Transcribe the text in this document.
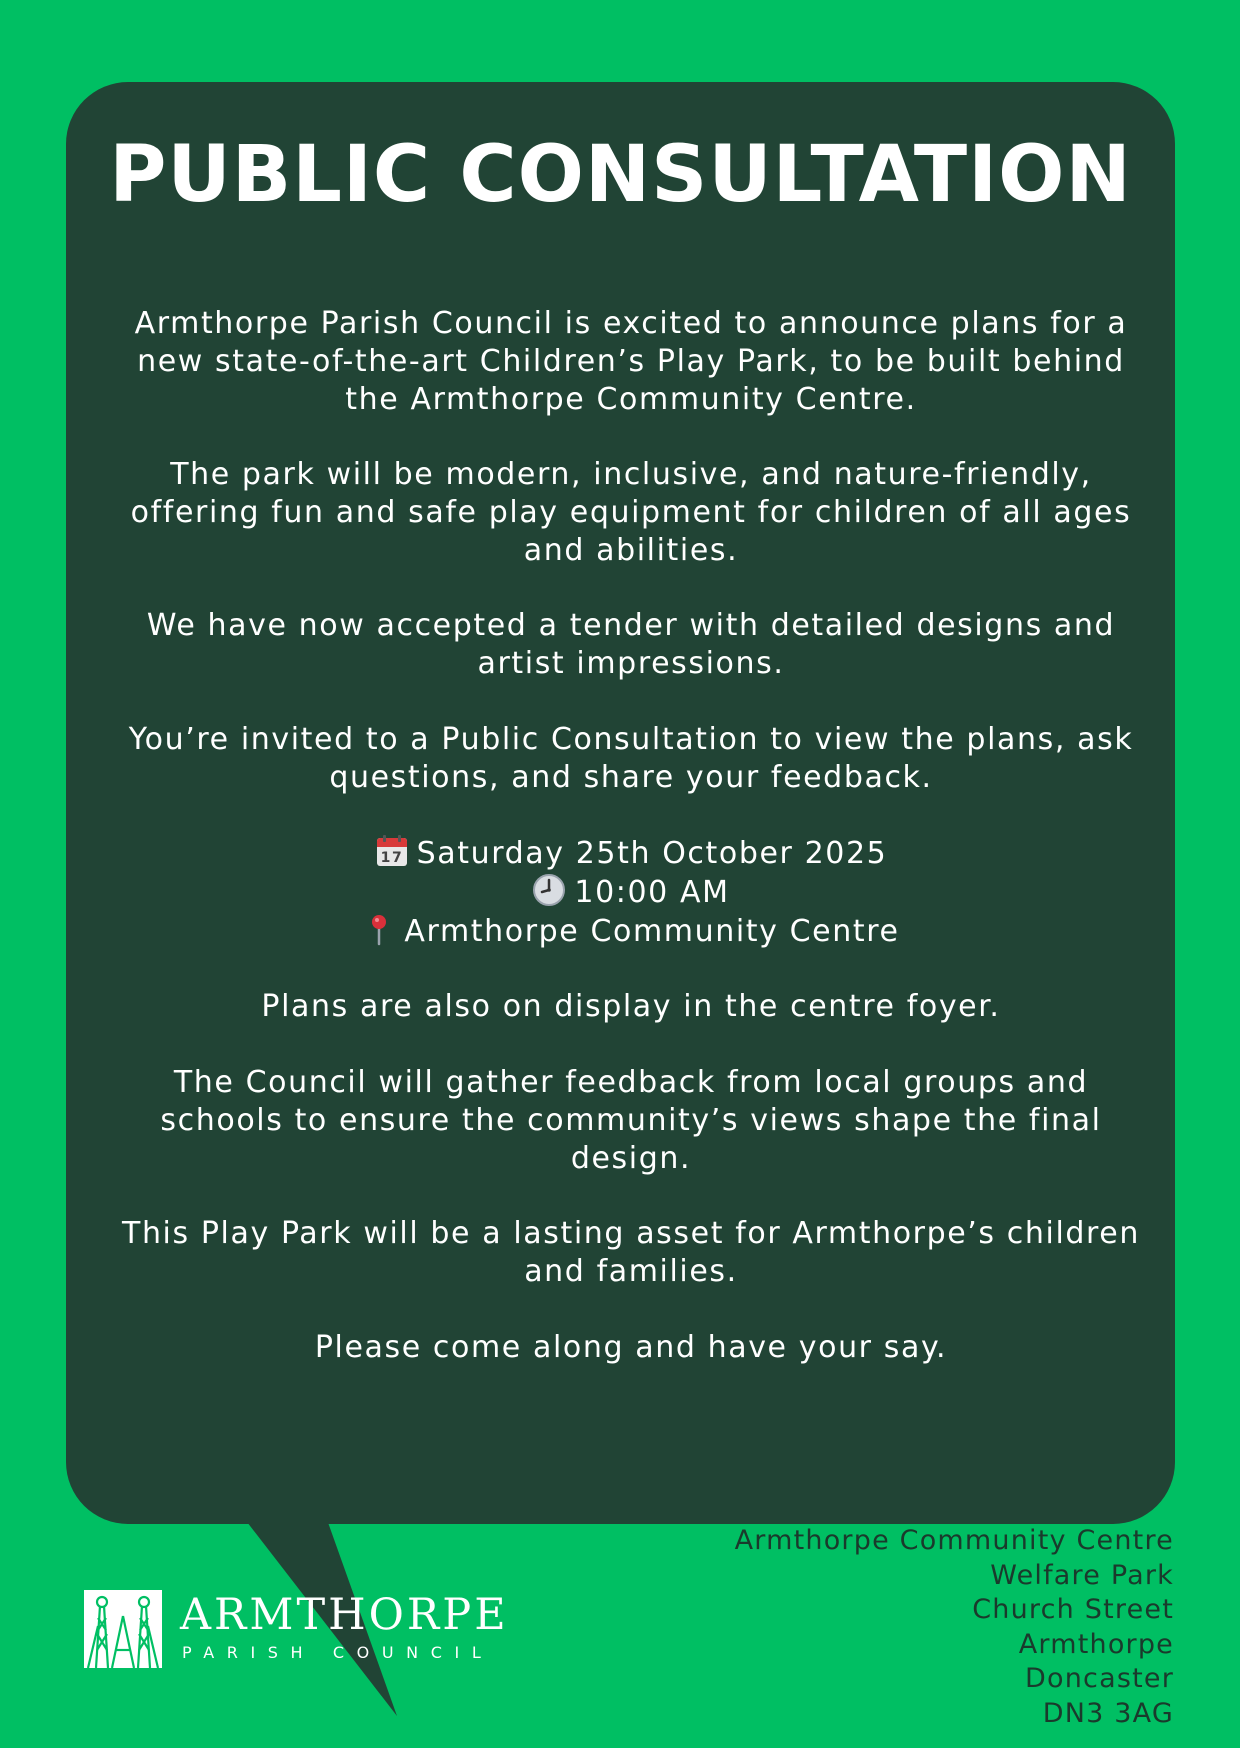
PUBLIC CONSULTATION

Armthorpe Parish Council is excited to announce plans for a new state-of-the-art Children’s Play Park, to be built behind the Armthorpe Community Centre.

The park will be modern, inclusive, and nature-friendly, offering fun and safe play equipment for children of all ages and abilities.

We have now accepted a tender with detailed designs and artist impressions.

You’re invited to a Public Consultation to view the plans, ask questions, and share your feedback.

17 Saturday 25th October 2025

10:00 AM

Armthorpe Community Centre

Plans are also on display in the centre foyer.

The Council will gather feedback from local groups and schools to ensure the community’s views shape the final design.

This Play Park will be a lasting asset for Armthorpe’s children and families.

Please come along and have your say.

Armthorpe Community Centre
Welfare Park
Church Street
Armthorpe
Doncaster
DN3 3AG
ARMTHORPE
PARISH COUNCIL
